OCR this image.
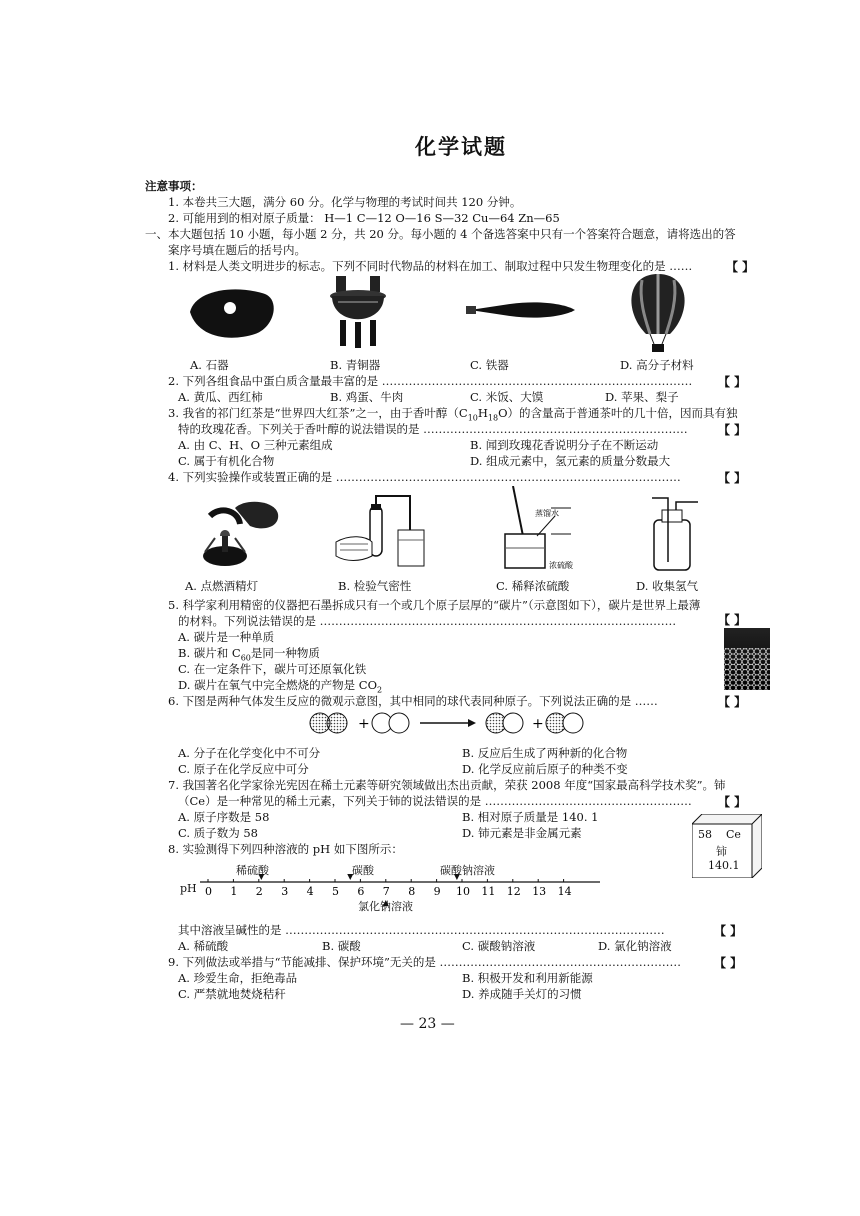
化学试题
注意事项：
1. 本卷共三大题，满分 60 分。化学与物理的考试时间共 120 分钟。
2. 可能用到的相对原子质量： H—1 C—12 O—16 S—32 Cu—64 Zn—65
一、本大题包括 10 小题，每小题 2 分，共 20 分。每小题的 4 个备选答案中只有一个答案符合题意，请将选出的答
案序号填在题后的括号内。
1. 材料是人类文明进步的标志。下列不同时代物品的材料在加工、制取过程中只发生物理变化的是 ……	【 】
A. 石器	B. 青铜器	C. 铁器	D. 高分子材料
2. 下列各组食品中蛋白质含量最丰富的是 ……………………………………………………………………… 【 】
A. 黄瓜、西红柿	B. 鸡蛋、牛肉	C. 米饭、大馍	D. 苹果、梨子
3. 我省的祁门红茶是“世界四大红茶”之一，由于香叶醇$(C_{10}H_{18}O)$的含量高于普通茶叶的几十倍，因而具有独
特的玫瑰花香。下列关于香叶醇的说法错误的是 ……………………………………………………………	【 】
A. 由 C、H、O 三种元素组成	B. 闻到玫瑰花香说明分子在不断运动
C. 属于有机化合物	D. 组成元素中，氢元素的质量分数最大
4. 下列实验操作或装置正确的是 ………………………………………………………………………………	【 】
蒸馏水
浓硫酸
A. 点燃酒精灯	B. 检验气密性	C. 稀释浓硫酸	D. 收集氢气
5. 科学家利用精密的仪器把石墨拆成只有一个或几个原子层厚的“碳片”（示意图如下），碳片是世界上最薄
的材料。下列说法错误的是 …………………………………………………………………………………	【 】
A. 碳片是一种单质
B. 碳片和 $C_{60}$是同一种物质
C. 在一定条件下，碳片可还原氧化铁
D. 碳片在氧气中完全燃烧的产物是 $CO_2$
6. 下图是两种气体发生反应的微观示意图，其中相同的球代表同种原子。下列说法正确的是 ……	【 】
+	+
A. 分子在化学变化中不可分	B. 反应后生成了两种新的化合物
C. 原子在化学反应中可分	D. 化学反应前后原子的种类不变
7. 我国著名化学家徐光宪因在稀土元素等研究领域做出杰出贡献，荣获 2008 年度“国家最高科学技术奖”。铈
（Ce）是一种常见的稀土元素，下列关于铈的说法错误的是 ……………………………………………… 【 】
A. 原子序数是 58	B. 相对原子质量是 140. 1
C. 质子数为 58	D. 铈元素是非金属元素	58 Ce
铈
140.1
8. 实验测得下列四种溶液的 pH 如下图所示：
0 1 2 3 4 5 6 7 8 9 10 11 12 13 14
pH
稀硫酸	碳酸	碳酸钠溶液
氯化钠溶液
其中溶液呈碱性的是 ………………………………………………………………………………………	【 】
A. 稀硫酸	B. 碳酸	C. 碳酸钠溶液	D. 氯化钠溶液
9. 下列做法或举措与“节能减排、保护环境”无关的是 ………………………………………………………	【 】
A. 珍爱生命，拒绝毒品	B. 积极开发和利用新能源
C. 严禁就地焚烧秸秆	D. 养成随手关灯的习惯
— 23 —
